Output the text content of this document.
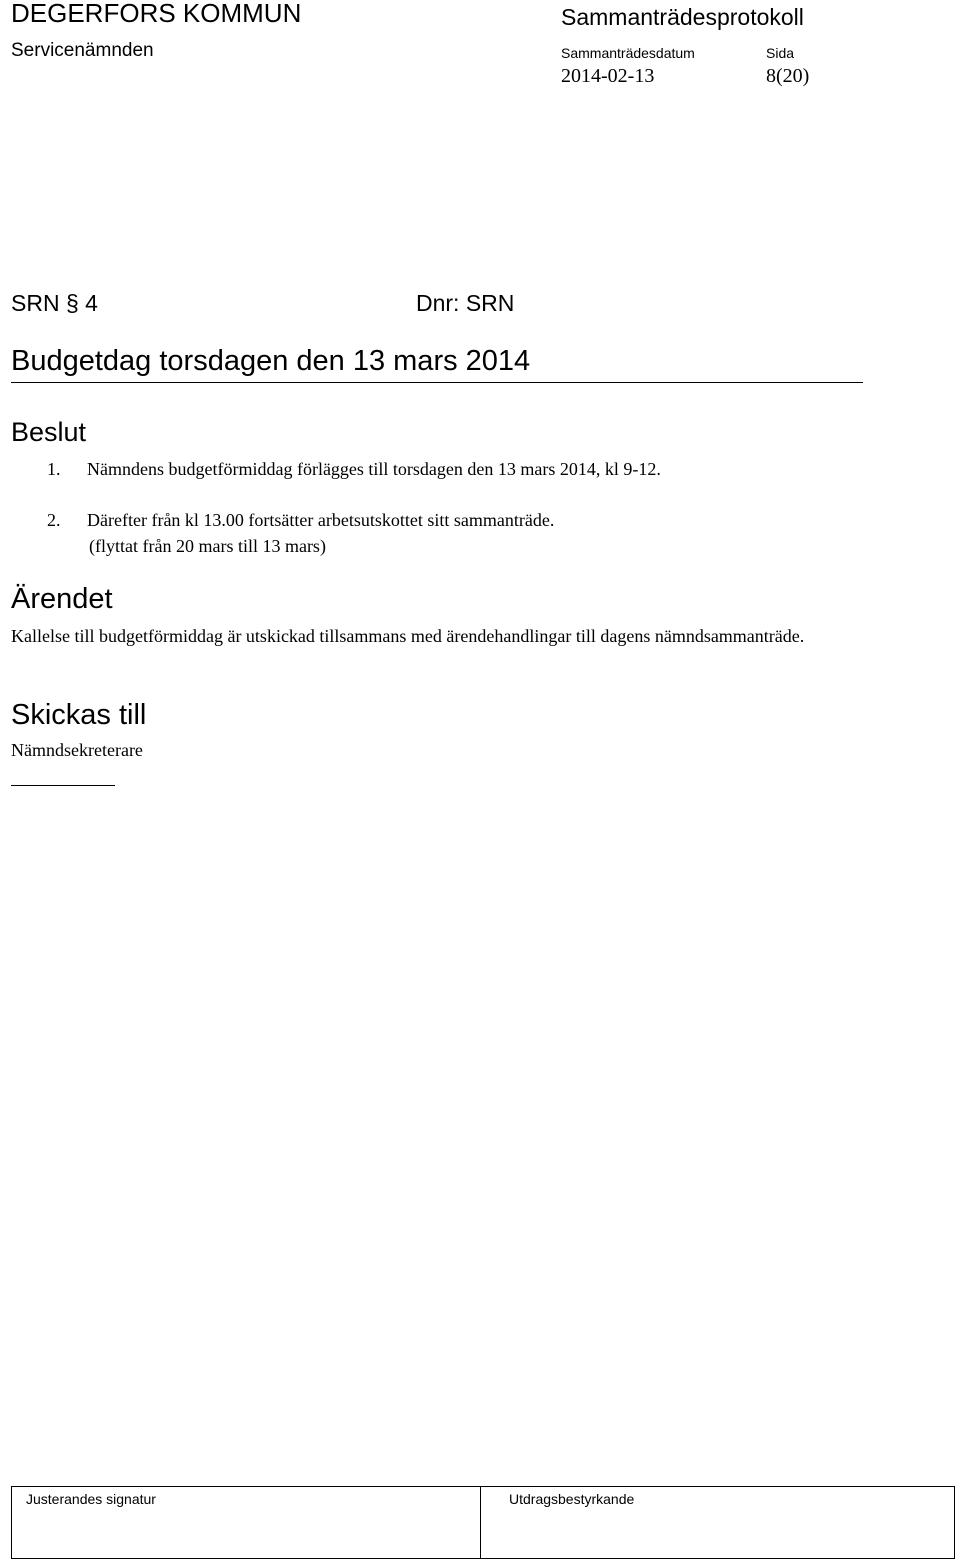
DEGERFORS KOMMUN
Servicenämnden
Sammanträdesprotokoll
Sammanträdesdatum	Sida
2014-02-13	8(20)
SRN § 4	Dnr: SRN
Budgetdag torsdagen den 13 mars 2014
Beslut
1. Nämndens budgetförmiddag förlägges till torsdagen den 13 mars 2014, kl 9-12.
2. Därefter från kl 13.00 fortsätter arbetsutskottet sitt sammanträde.
(flyttat från 20 mars till 13 mars)
Ärendet
Kallelse till budgetförmiddag är utskickad tillsammans med ärendehandlingar till dagens nämndsammanträde.
Skickas till
Nämndsekreterare
Justerandes signatur	Utdragsbestyrkande
